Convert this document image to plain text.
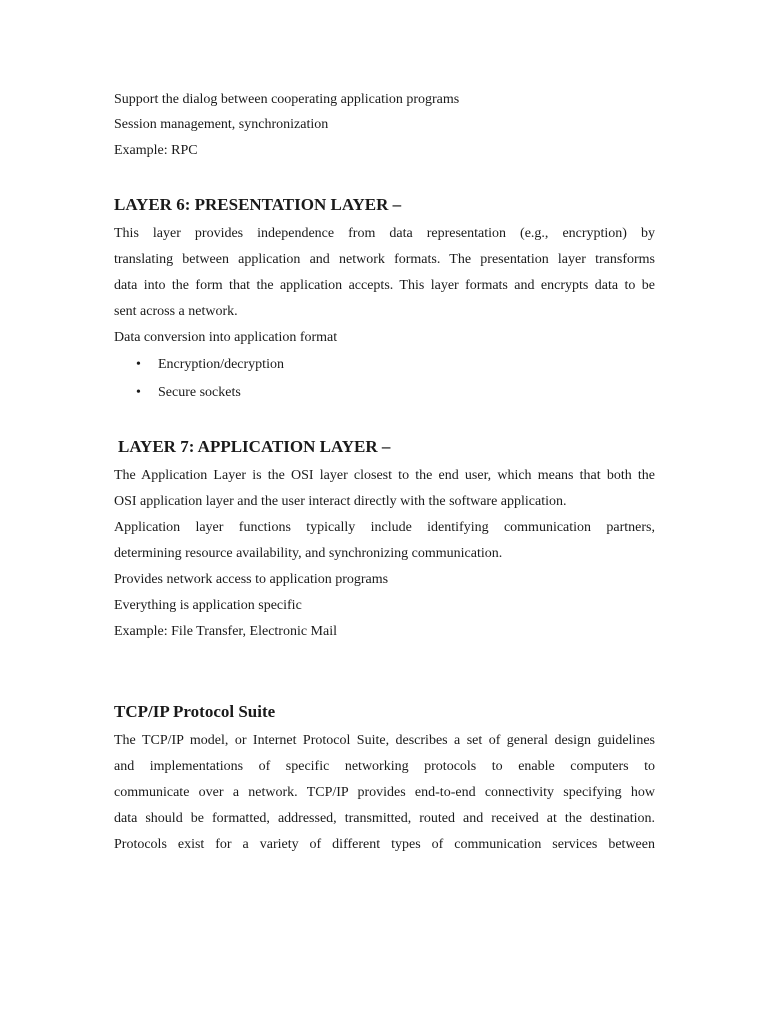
Support the dialog between cooperating application programs

Session management, synchronization

Example: RPC

LAYER 6: PRESENTATION LAYER –

This layer provides independence from data representation (e.g., encryption) by

translating between application and network formats. The presentation layer transforms

data into the form that the application accepts. This layer formats and encrypts data to be

sent across a network.

Data conversion into application format

• Encryption/decryption
• Secure sockets
LAYER 7: APPLICATION LAYER –

The Application Layer is the OSI layer closest to the end user, which means that both the

OSI application layer and the user interact directly with the software application.

Application layer functions typically include identifying communication partners,

determining resource availability, and synchronizing communication.

Provides network access to application programs

Everything is application specific

Example: File Transfer, Electronic Mail

TCP/IP Protocol Suite

The TCP/IP model, or Internet Protocol Suite, describes a set of general design guidelines

and implementations of specific networking protocols to enable computers to

communicate over a network. TCP/IP provides end-to-end connectivity specifying how

data should be formatted, addressed, transmitted, routed and received at the destination.

Protocols exist for a variety of different types of communication services between
